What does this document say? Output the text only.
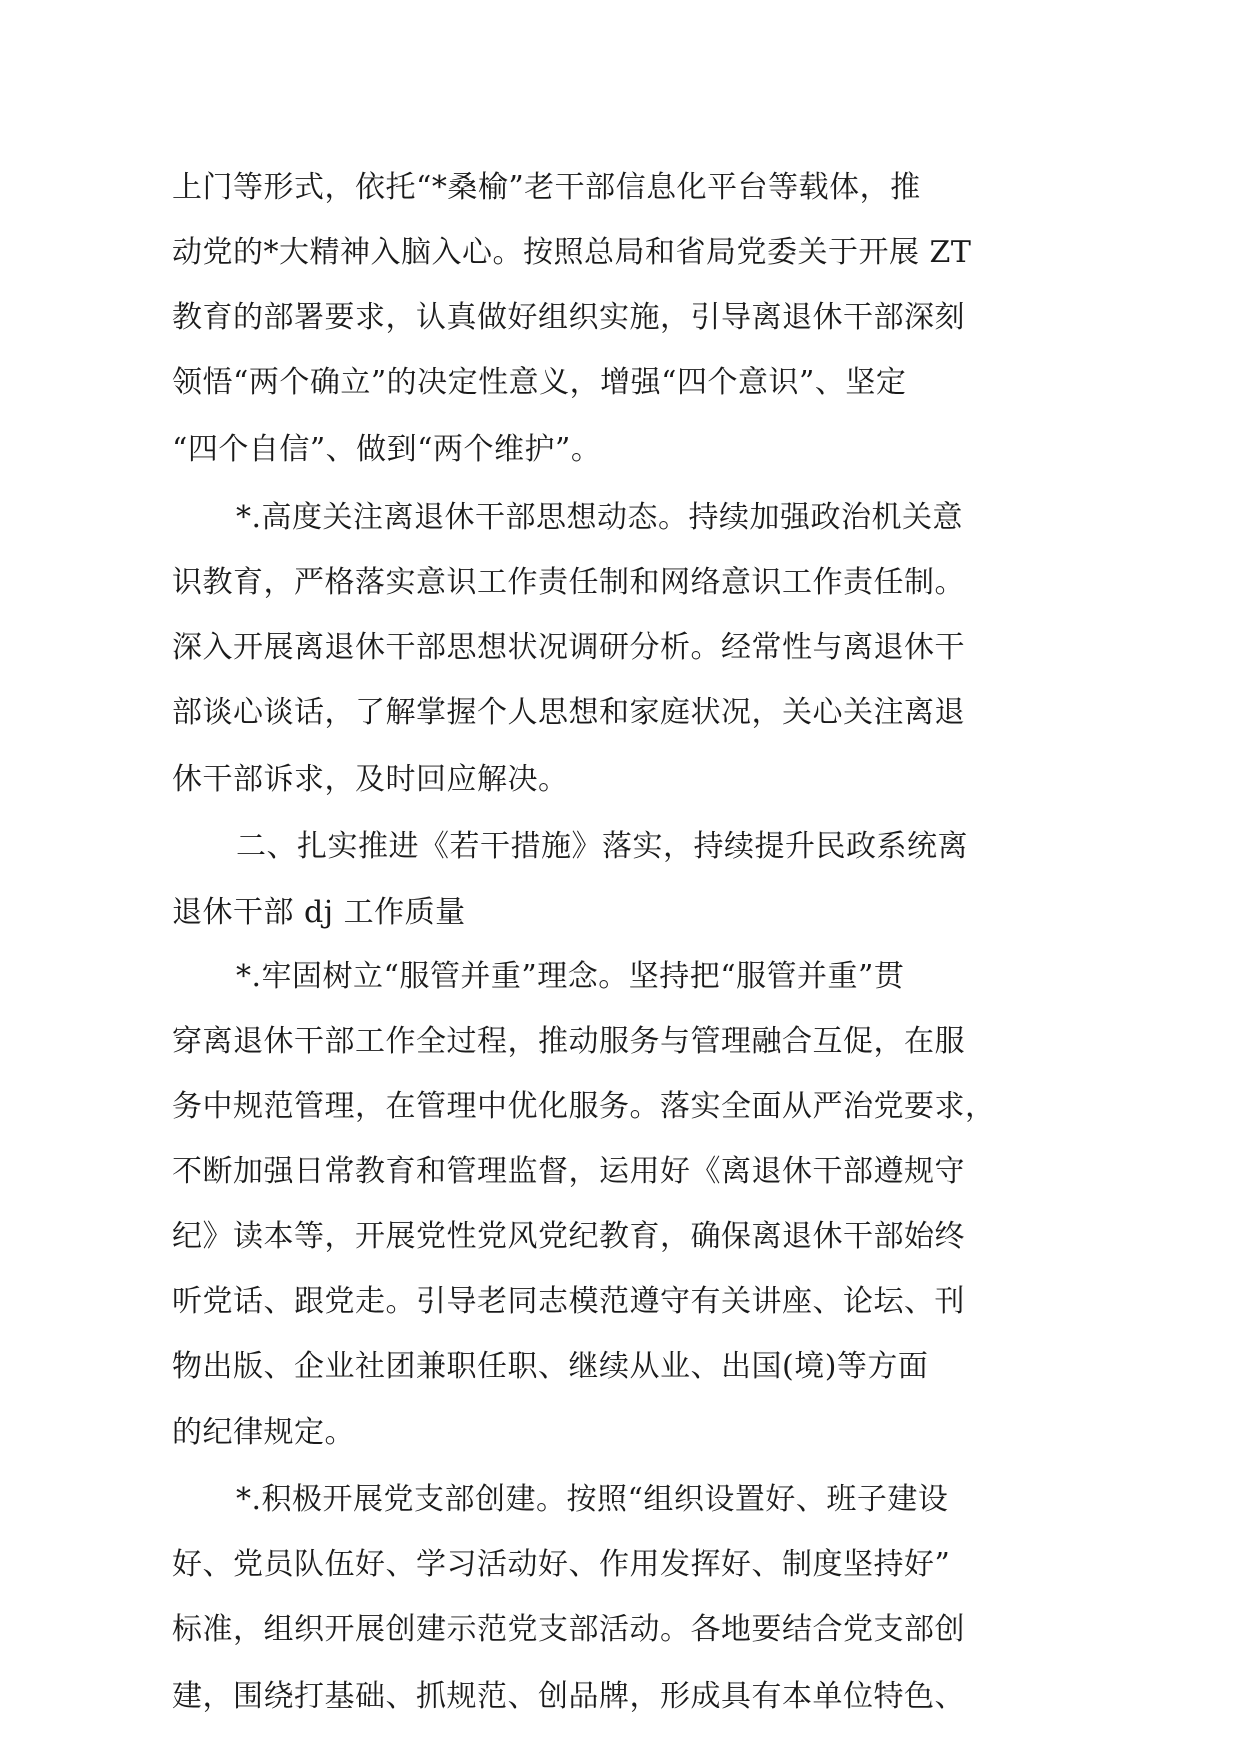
上门等形式，依托“*桑榆”老干部信息化平台等载体，推
动党的*大精神入脑入心。按照总局和省局党委关于开展 ZT
教育的部署要求，认真做好组织实施，引导离退休干部深刻
领悟“两个确立”的决定性意义，增强“四个意识”、坚定
“四个自信”、做到“两个维护”。
*.高度关注离退休干部思想动态。持续加强政治机关意
识教育，严格落实意识工作责任制和网络意识工作责任制。
深入开展离退休干部思想状况调研分析。经常性与离退休干
部谈心谈话，了解掌握个人思想和家庭状况，关心关注离退
休干部诉求，及时回应解决。
二、扎实推进《若干措施》落实，持续提升民政系统离
退休干部 dj 工作质量
*.牢固树立“服管并重”理念。坚持把“服管并重”贯
穿离退休干部工作全过程，推动服务与管理融合互促，在服
务中规范管理，在管理中优化服务。落实全面从严治党要求，
不断加强日常教育和管理监督，运用好《离退休干部遵规守
纪》读本等，开展党性党风党纪教育，确保离退休干部始终
听党话、跟党走。引导老同志模范遵守有关讲座、论坛、刊
物出版、企业社团兼职任职、继续从业、出国(境)等方面
的纪律规定。
*.积极开展党支部创建。按照“组织设置好、班子建设
好、党员队伍好、学习活动好、作用发挥好、制度坚持好”
标准，组织开展创建示范党支部活动。各地要结合党支部创
建，围绕打基础、抓规范、创品牌，形成具有本单位特色、
